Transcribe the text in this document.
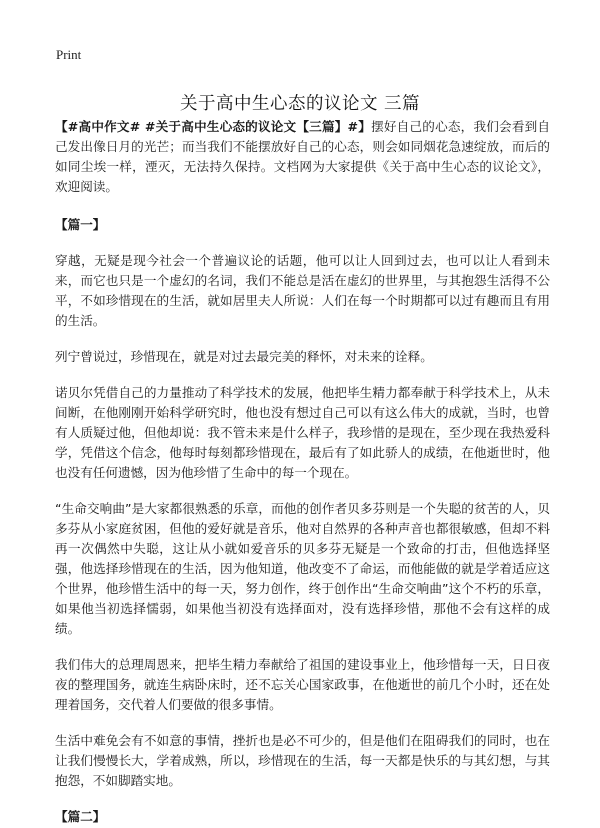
Print
关于高中生心态的议论文 三篇

【#高中作文# #关于高中生心态的议论文【三篇】#】摆好自己的心态，我们会看到自己发出像日月的光芒；而当我们不能摆放好自己的心态，则会如同烟花急速绽放，而后的如同尘埃一样，湮灭，无法持久保持。文档网为大家提供《关于高中生心态的议论文》，欢迎阅读。

【篇一】

穿越，无疑是现今社会一个普遍议论的话题，他可以让人回到过去，也可以让人看到未来，而它也只是一个虚幻的名词，我们不能总是活在虚幻的世界里，与其抱怨生活得不公平，不如珍惜现在的生活，就如居里夫人所说：人们在每一个时期都可以过有趣而且有用的生活。

列宁曾说过，珍惜现在，就是对过去最完美的释怀，对未来的诠释。

诺贝尔凭借自己的力量推动了科学技术的发展，他把毕生精力都奉献于科学技术上，从未间断，在他刚刚开始科学研究时，他也没有想过自己可以有这么伟大的成就，当时，也曾有人质疑过他，但他却说：我不管未来是什么样子，我珍惜的是现在，至少现在我热爱科学，凭借这个信念，他每时每刻都珍惜现在，最后有了如此骄人的成绩，在他逝世时，他也没有任何遗憾，因为他珍惜了生命中的每一个现在。

“生命交响曲”是大家都很熟悉的乐章，而他的创作者贝多芬则是一个失聪的贫苦的人，贝多芬从小家庭贫困，但他的爱好就是音乐，他对自然界的各种声音也都很敏感，但却不料再一次偶然中失聪，这让从小就如爱音乐的贝多芬无疑是一个致命的打击，但他选择坚强，他选择珍惜现在的生活，因为他知道，他改变不了命运，而他能做的就是学着适应这个世界，他珍惜生活中的每一天，努力创作，终于创作出“生命交响曲”这个不朽的乐章，如果他当初选择懦弱，如果他当初没有选择面对，没有选择珍惜，那他不会有这样的成绩。

我们伟大的总理周恩来，把毕生精力奉献给了祖国的建设事业上，他珍惜每一天，日日夜夜的整理国务，就连生病卧床时，还不忘关心国家政事，在他逝世的前几个小时，还在处理着国务，交代着人们要做的很多事情。

生活中难免会有不如意的事情，挫折也是必不可少的，但是他们在阻碍我们的同时，也在让我们慢慢长大，学着成熟，所以，珍惜现在的生活，每一天都是快乐的与其幻想，与其抱怨，不如脚踏实地。

【篇二】
